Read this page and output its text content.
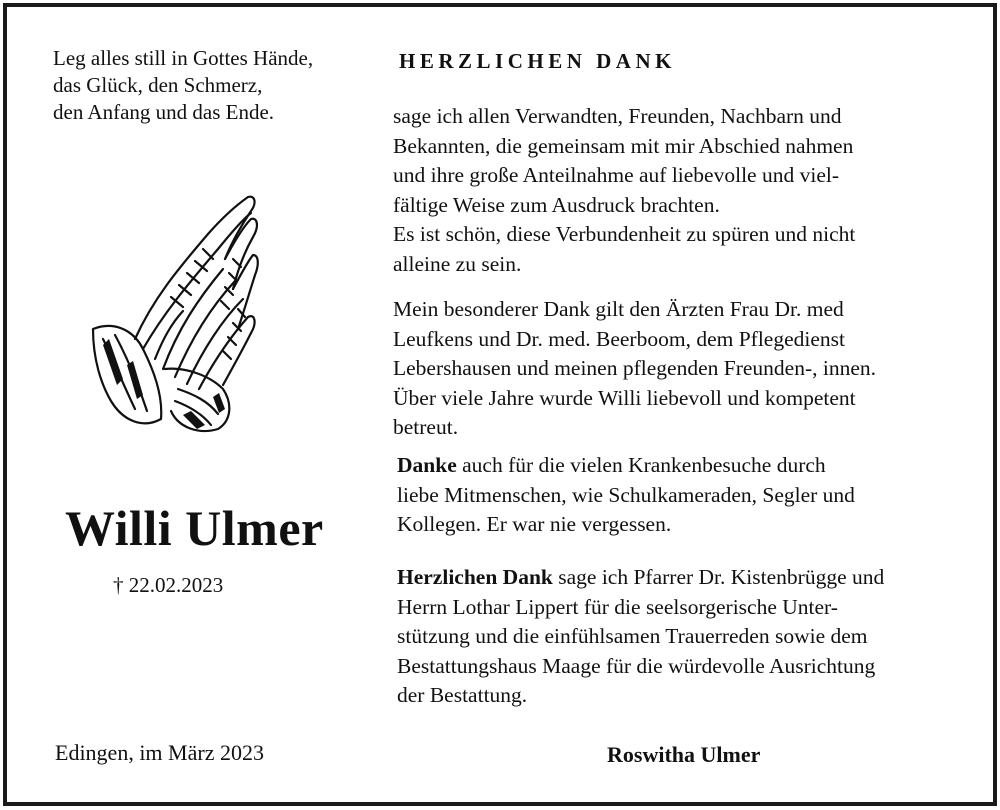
Leg alles still in Gottes Hände,
das Glück, den Schmerz,
den Anfang und das Ende.
Willi Ulmer
† 22.02.2023
Edingen, im März 2023
HERZLICHEN DANK
sage ich allen Verwandten, Freunden, Nachbarn und
Bekannten, die gemeinsam mit mir Abschied nahmen
und ihre große Anteilnahme auf liebevolle und viel-
fältige Weise zum Ausdruck brachten.
Es ist schön, diese Verbundenheit zu spüren und nicht
alleine zu sein.
Mein besonderer Dank gilt den Ärzten Frau Dr. med
Leufkens und Dr. med. Beerboom, dem Pflegedienst
Lebershausen und meinen pflegenden Freunden-, innen.
Über viele Jahre wurde Willi liebevoll und kompetent
betreut.
Danke auch für die vielen Krankenbesuche durch
liebe Mitmenschen, wie Schulkameraden, Segler und
Kollegen. Er war nie vergessen.
Herzlichen Dank sage ich Pfarrer Dr. Kistenbrügge und
Herrn Lothar Lippert für die seelsorgerische Unter-
stützung und die einfühlsamen Trauerreden sowie dem
Bestattungshaus Maage für die würdevolle Ausrichtung
der Bestattung.
Roswitha Ulmer
